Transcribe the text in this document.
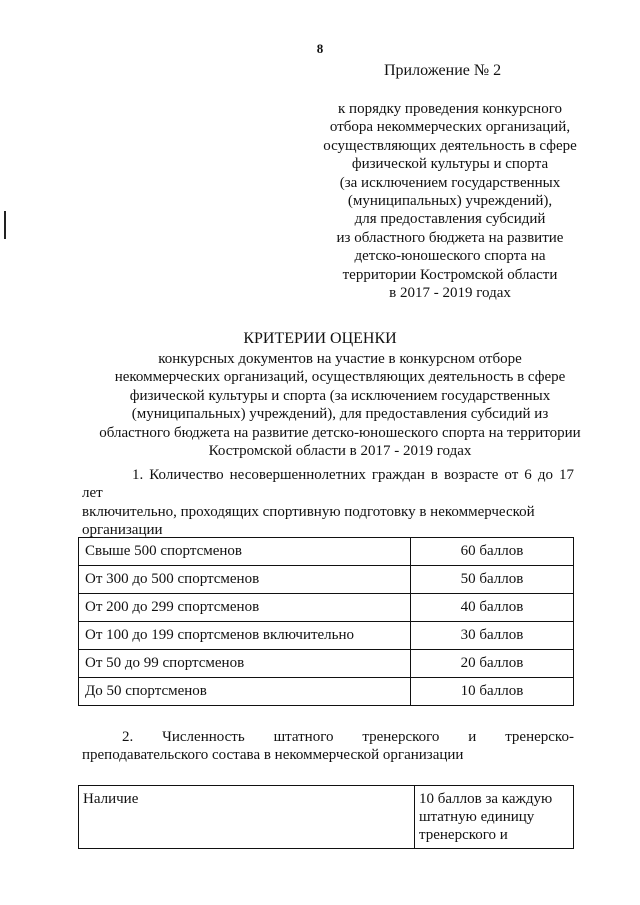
8
Приложение № 2
к порядку проведения конкурсного
отбора некоммерческих организаций,
осуществляющих деятельность в сфере
физической культуры и спорта
(за исключением государственных
(муниципальных) учреждений),
для предоставления субсидий
из областного бюджета на развитие
детско-юношеского спорта на
территории Костромской области
в 2017 - 2019 годах
КРИТЕРИИ ОЦЕНКИ
конкурсных документов на участие в конкурсном отборе
некоммерческих организаций, осуществляющих деятельность в сфере
физической культуры и спорта (за исключением государственных
(муниципальных) учреждений), для предоставления субсидий из
областного бюджета на развитие детско-юношеского спорта на территории
Костромской области в 2017 - 2019 годах
1. Количество несовершеннолетних граждан в возрасте от 6 до 17 лет
включительно, проходящих спортивную подготовку в некоммерческой
организации
Свыше 500 спортсменов	60 баллов
От 300 до 500 спортсменов	50 баллов
От 200 до 299 спортсменов	40 баллов
От 100 до 199 спортсменов включительно	30 баллов
От 50 до 99 спортсменов	20 баллов
До 50 спортсменов	10 баллов
2. Численность штатного тренерского и тренерско-
преподавательского состава в некоммерческой организации
Наличие	10 баллов за каждую
штатную единицу
тренерского и
